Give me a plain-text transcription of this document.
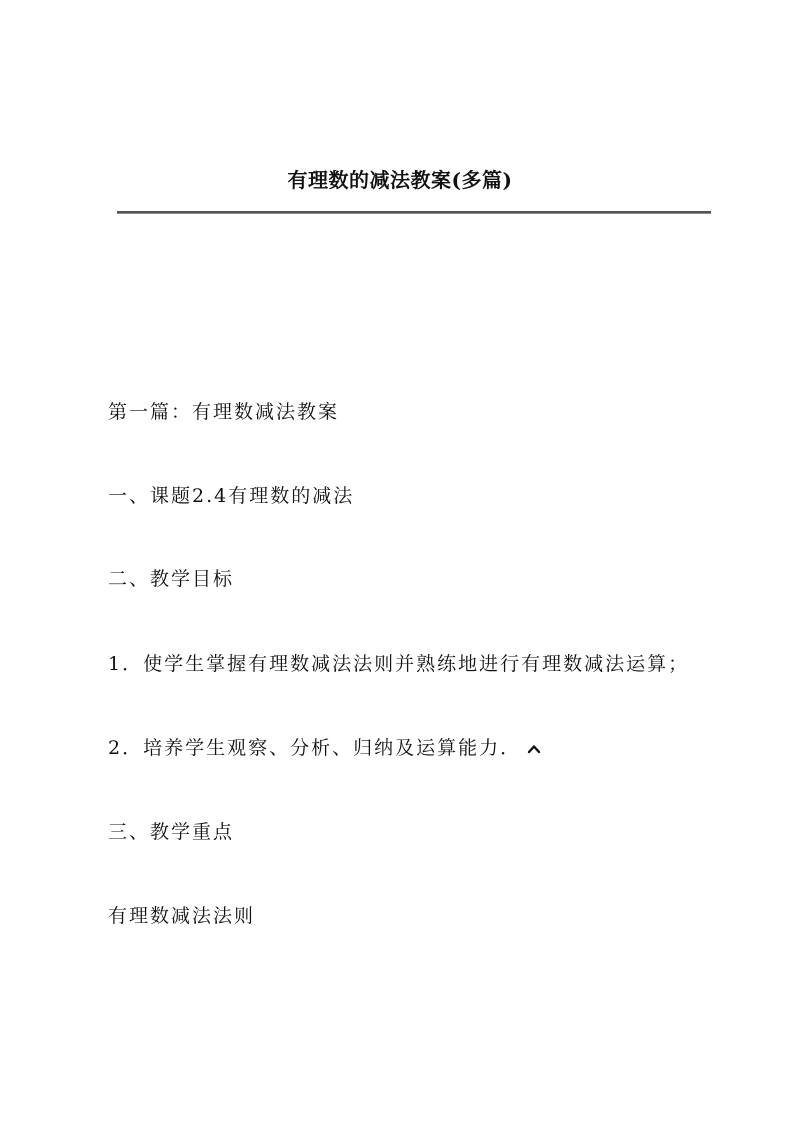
有理数的减法教案(多篇)
第一篇：有理数减法教案
一、课题2.4有理数的减法
二、教学目标
1．使学生掌握有理数减法法则并熟练地进行有理数减法运算；
2．培养学生观察、分析、归纳及运算能力．
三、教学重点
有理数减法法则
